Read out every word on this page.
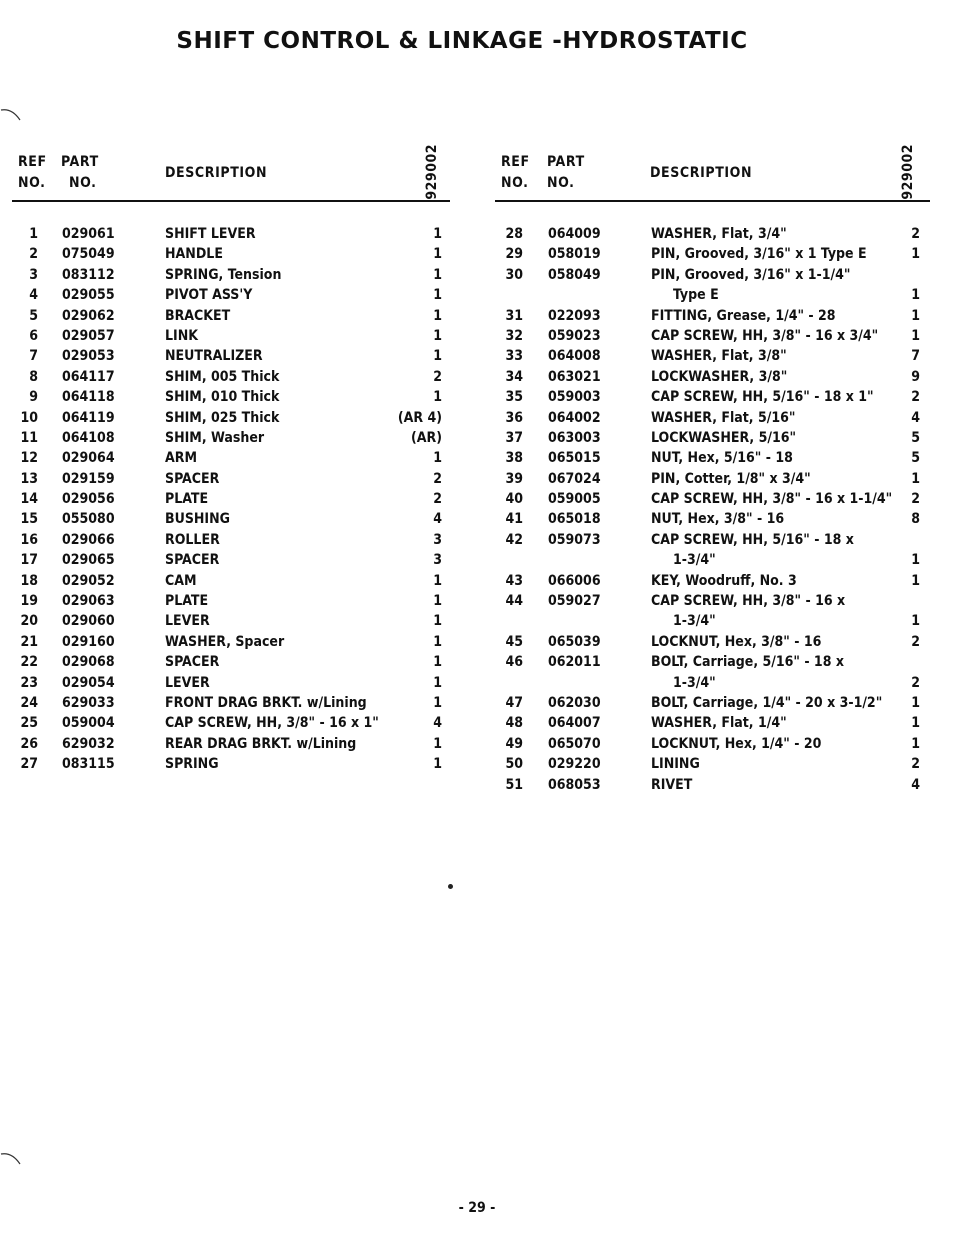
SHIFT CONTROL & LINKAGE -HYDROSTATIC
REF
NO.
PART
NO.
DESCRIPTION	929002
1 029061	SHIFT LEVER	1
2 075049	HANDLE	1
3 083112	SPRING, Tension	1
4 029055	PIVOT ASS'Y	1
5 029062	BRACKET	1
6 029057	LINK	1
7 029053	NEUTRALIZER	1
8 064117	SHIM, 005 Thick	2
9 064118	SHIM, 010 Thick	1
10 064119	SHIM, 025 Thick	(AR 4)
11 064108	SHIM, Washer	(AR)
12 029064	ARM	1
13 029159	SPACER	2
14 029056	PLATE	2
15 055080	BUSHING	4
16 029066	ROLLER	3
17 029065	SPACER	3
18 029052	CAM	1
19 029063	PLATE	1
20 029060	LEVER	1
21 029160	WASHER, Spacer	1
22 029068	SPACER	1
23 029054	LEVER	1
24 629033	FRONT DRAG BRKT. w/Lining	1
25 059004	CAP SCREW, HH, 3/8" - 16 x 1"	4
26 629032	REAR DRAG BRKT. w/Lining	1
27 083115	SPRING	1
REF
NO.
PART
NO.
DESCRIPTION	929002
28 064009	WASHER, Flat, 3/4"	2
29 058019	PIN, Grooved, 3/16" x 1 Type E	1
30 058049	PIN, Grooved, 3/16" x 1-1/4"
Type E	1
31 022093	FITTING, Grease, 1/4" - 28	1
32 059023	CAP SCREW, HH, 3/8" - 16 x 3/4"	1
33 064008	WASHER, Flat, 3/8"	7
34 063021	LOCKWASHER, 3/8"	9
35 059003	CAP SCREW, HH, 5/16" - 18 x 1"	2
36 064002	WASHER, Flat, 5/16"	4
37 063003	LOCKWASHER, 5/16"	5
38 065015	NUT, Hex, 5/16" - 18	5
39 067024	PIN, Cotter, 1/8" x 3/4"	1
40 059005	CAP SCREW, HH, 3/8" - 16 x 1-1/4"	2
41 065018	NUT, Hex, 3/8" - 16	8
42 059073	CAP SCREW, HH, 5/16" - 18 x
1-3/4"	1
43 066006	KEY, Woodruff, No. 3	1
44 059027	CAP SCREW, HH, 3/8" - 16 x
1-3/4"	1
45 065039	LOCKNUT, Hex, 3/8" - 16	2
46 062011	BOLT, Carriage, 5/16" - 18 x
1-3/4"	2
47 062030	BOLT, Carriage, 1/4" - 20 x 3-1/2"	1
48 064007	WASHER, Flat, 1/4"	1
49 065070	LOCKNUT, Hex, 1/4" - 20	1
50 029220	LINING	2
51 068053	RIVET	4
- 29 -
